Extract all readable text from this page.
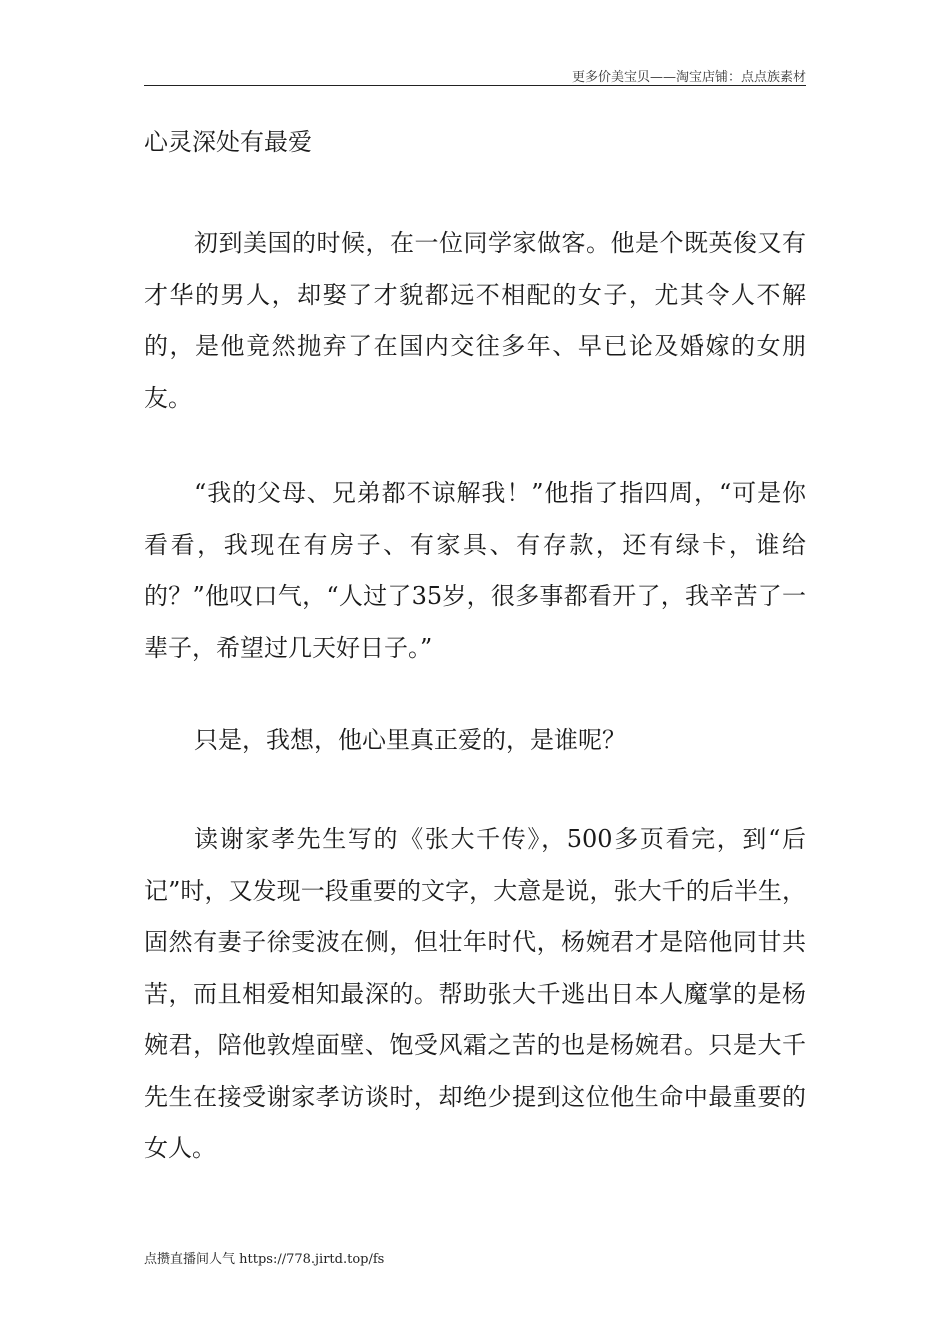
更多价美宝贝——淘宝店铺：点点族素材
心灵深处有最爱

初到美国的时候，在一位同学家做客。他是个既英俊又有才华的男人，却娶了才貌都远不相配的女子，尤其令人不解的，是他竟然抛弃了在国内交往多年、早已论及婚嫁的女朋友。

“我的父母、兄弟都不谅解我！”他指了指四周，“可是你看看，我现在有房子、有家具、有存款，还有绿卡，谁给的？”他叹口气，“人过了35岁，很多事都看开了，我辛苦了一辈子，希望过几天好日子。”

只是，我想，他心里真正爱的，是谁呢？

读谢家孝先生写的《张大千传》，500多页看完，到“后记”时，又发现一段重要的文字，大意是说，张大千的后半生，固然有妻子徐雯波在侧，但壮年时代，杨婉君才是陪他同甘共苦，而且相爱相知最深的。帮助张大千逃出日本人魔掌的是杨婉君，陪他敦煌面壁、饱受风霜之苦的也是杨婉君。只是大千先生在接受谢家孝访谈时，却绝少提到这位他生命中最重要的女人。

点攒直播间人气 https://778.jirtd.top/fs
